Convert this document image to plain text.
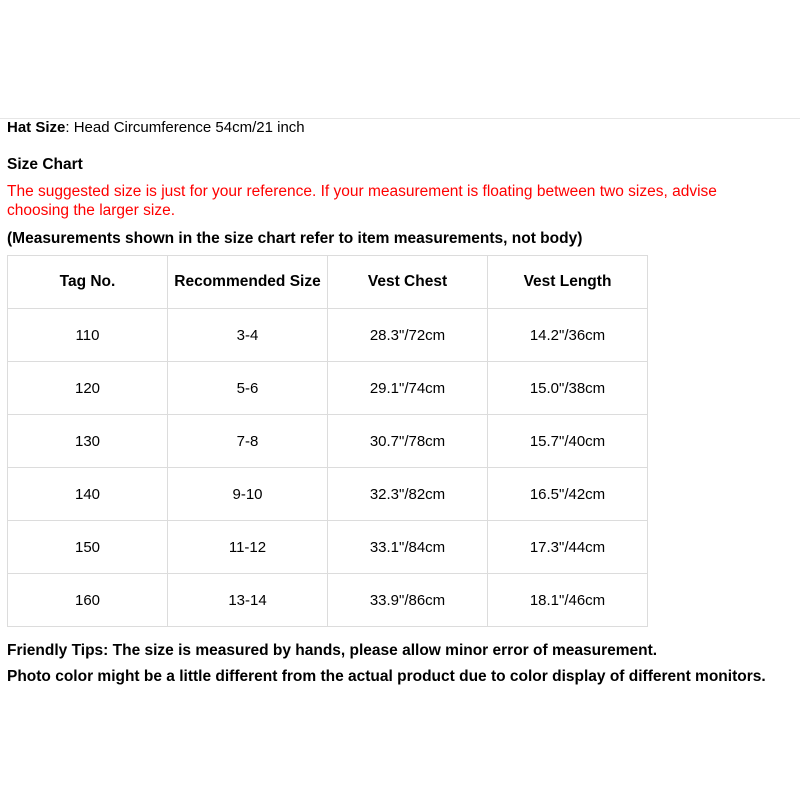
Hat Size: Head Circumference 54cm/21 inch
Size Chart
The suggested size is just for your reference. If your measurement is floating between two sizes, advise choosing the larger size.
(Measurements shown in the size chart refer to item measurements, not body)
Tag No.	Recommended Size	Vest Chest	Vest Length
110	3-4	28.3"/72cm	14.2"/36cm
120	5-6	29.1"/74cm	15.0"/38cm
130	7-8	30.7"/78cm	15.7"/40cm
140	9-10	32.3"/82cm	16.5"/42cm
150	11-12	33.1"/84cm	17.3"/44cm
160	13-14	33.9"/86cm	18.1"/46cm
Friendly Tips: The size is measured by hands, please allow minor error of measurement.
Photo color might be a little different from the actual product due to color display of different monitors.
